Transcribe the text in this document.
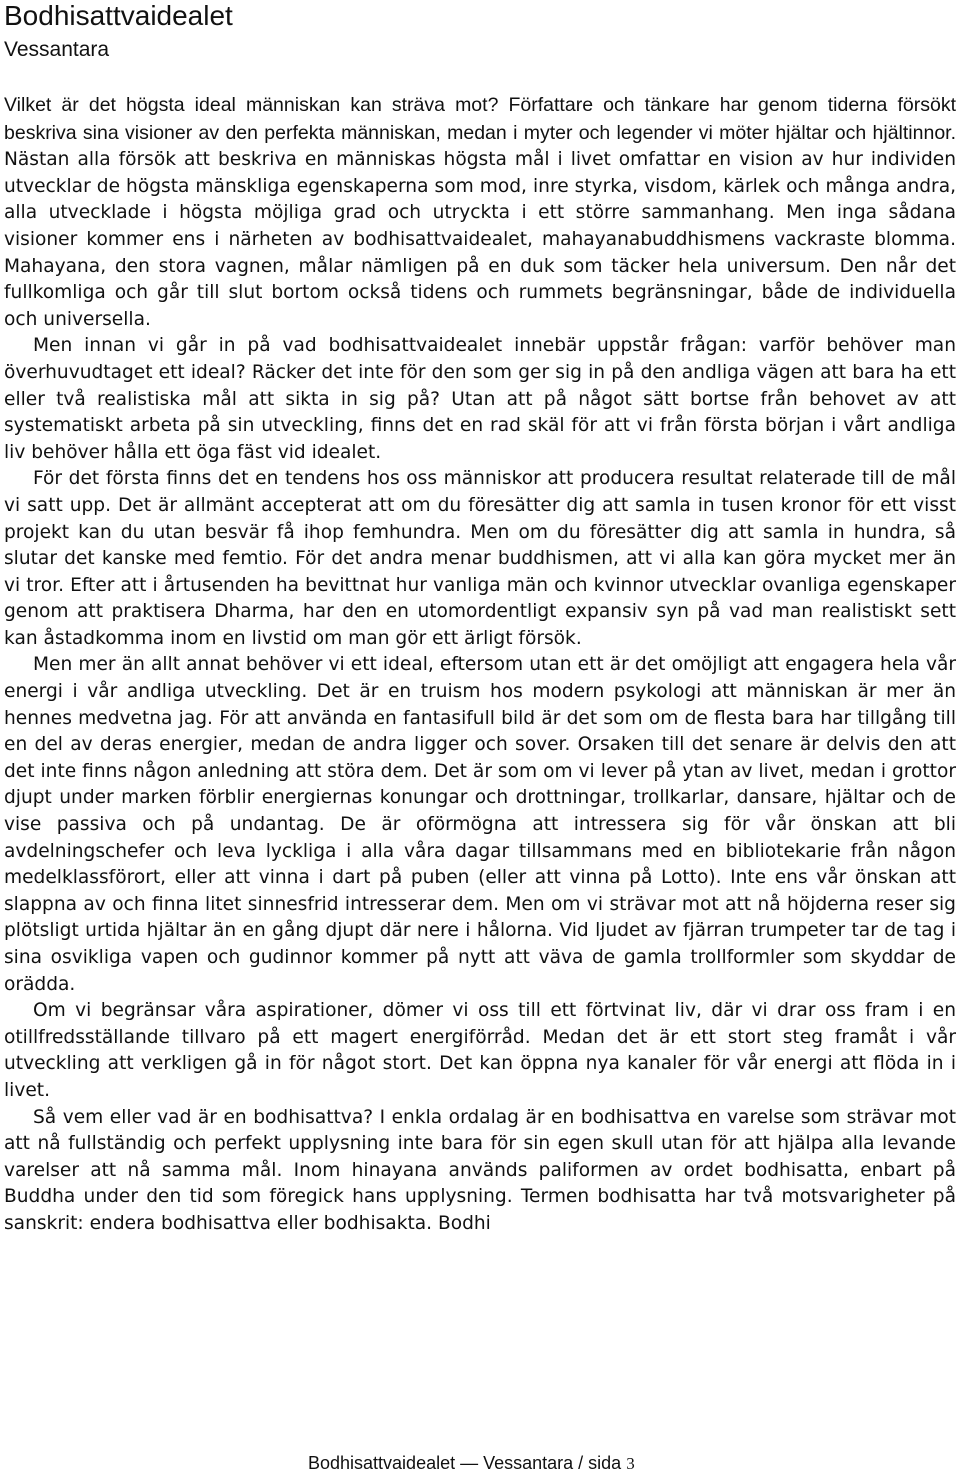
Bodhisattvaidealet
Vessantara

Vilket är det högsta ideal människan kan sträva mot? Författare och tänkare har genom tiderna försökt beskriva sina visioner av den perfekta människan, medan i myter och legender vi möter hjältar och hjältinnor. Nästan alla försök att beskriva en människas högsta mål i livet omfattar en vision av hur individen utvecklar de högsta mänskliga egenskaperna som mod, inre styrka, visdom, kärlek och många andra, alla utvecklade i högsta möjliga grad och utryckta i ett större sammanhang. Men inga sådana visioner kommer ens i närheten av bodhisattvaidealet, mahayanabuddhismens vackraste blomma. Mahayana, den stora vagnen, målar nämligen på en duk som täcker hela universum. Den når det fullkomliga och går till slut bortom också tidens och rummets begränsningar, både de individuella och universella.

Men innan vi går in på vad bodhisattvaidealet innebär uppstår frågan: varför behöver man överhuvudtaget ett ideal? Räcker det inte för den som ger sig in på den andliga vägen att bara ha ett eller två realistiska mål att sikta in sig på? Utan att på något sätt bortse från behovet av att systematiskt arbeta på sin utveckling, finns det en rad skäl för att vi från första början i vårt andliga liv behöver hålla ett öga fäst vid idealet.

För det första finns det en tendens hos oss människor att producera resultat relaterade till de mål vi satt upp. Det är allmänt accepterat att om du föresätter dig att samla in tusen kronor för ett visst projekt kan du utan besvär få ihop femhundra. Men om du föresätter dig att samla in hundra, så slutar det kanske med femtio. För det andra menar buddhismen, att vi alla kan göra mycket mer än vi tror. Efter att i årtusenden ha bevittnat hur vanliga män och kvinnor utvecklar ovanliga egenskaper genom att praktisera Dharma, har den en utomordentligt expansiv syn på vad man realistiskt sett kan åstadkomma inom en livstid om man gör ett ärligt försök.

Men mer än allt annat behöver vi ett ideal, eftersom utan ett är det omöjligt att engagera hela vår energi i vår andliga utveckling. Det är en truism hos modern psykologi att människan är mer än hennes medvetna jag. För att använda en fantasifull bild är det som om de flesta bara har tillgång till en del av deras energier, medan de andra ligger och sover. Orsaken till det senare är delvis den att det inte finns någon anledning att störa dem. Det är som om vi lever på ytan av livet, medan i grottor djupt under marken förblir energiernas konungar och drottningar, trollkarlar, dansare, hjältar och de vise passiva och på undantag. De är oförmögna att intressera sig för vår önskan att bli avdelningschefer och leva lyckliga i alla våra dagar tillsammans med en bibliotekarie från någon medelklassförort, eller att vinna i dart på puben (eller att vinna på Lotto). Inte ens vår önskan att slappna av och finna litet sinnesfrid intresserar dem. Men om vi strävar mot att nå höjderna reser sig plötsligt urtida hjältar än en gång djupt där nere i hålorna. Vid ljudet av fjärran trumpeter tar de tag i sina osvikliga vapen och gudinnor kommer på nytt att väva de gamla trollformler som skyddar de orädda.

Om vi begränsar våra aspirationer, dömer vi oss till ett förtvinat liv, där vi drar oss fram i en otillfredsställande tillvaro på ett magert energiförråd. Medan det är ett stort steg framåt i vår utveckling att verkligen gå in för något stort. Det kan öppna nya kanaler för vår energi att flöda in i livet.

Så vem eller vad är en bodhisattva? I enkla ordalag är en bodhisattva en varelse som strävar mot att nå fullständig och perfekt upplysning inte bara för sin egen skull utan för att hjälpa alla levande varelser att nå samma mål. Inom hinayana används paliformen av ordet bodhisatta, enbart på Buddha under den tid som föregick hans upplysning. Termen bodhisatta har två motsvarigheter på sanskrit: endera bodhisattva eller bodhisakta. Bodhi

Bodhisattvaidealet — Vessantara / sida 3
